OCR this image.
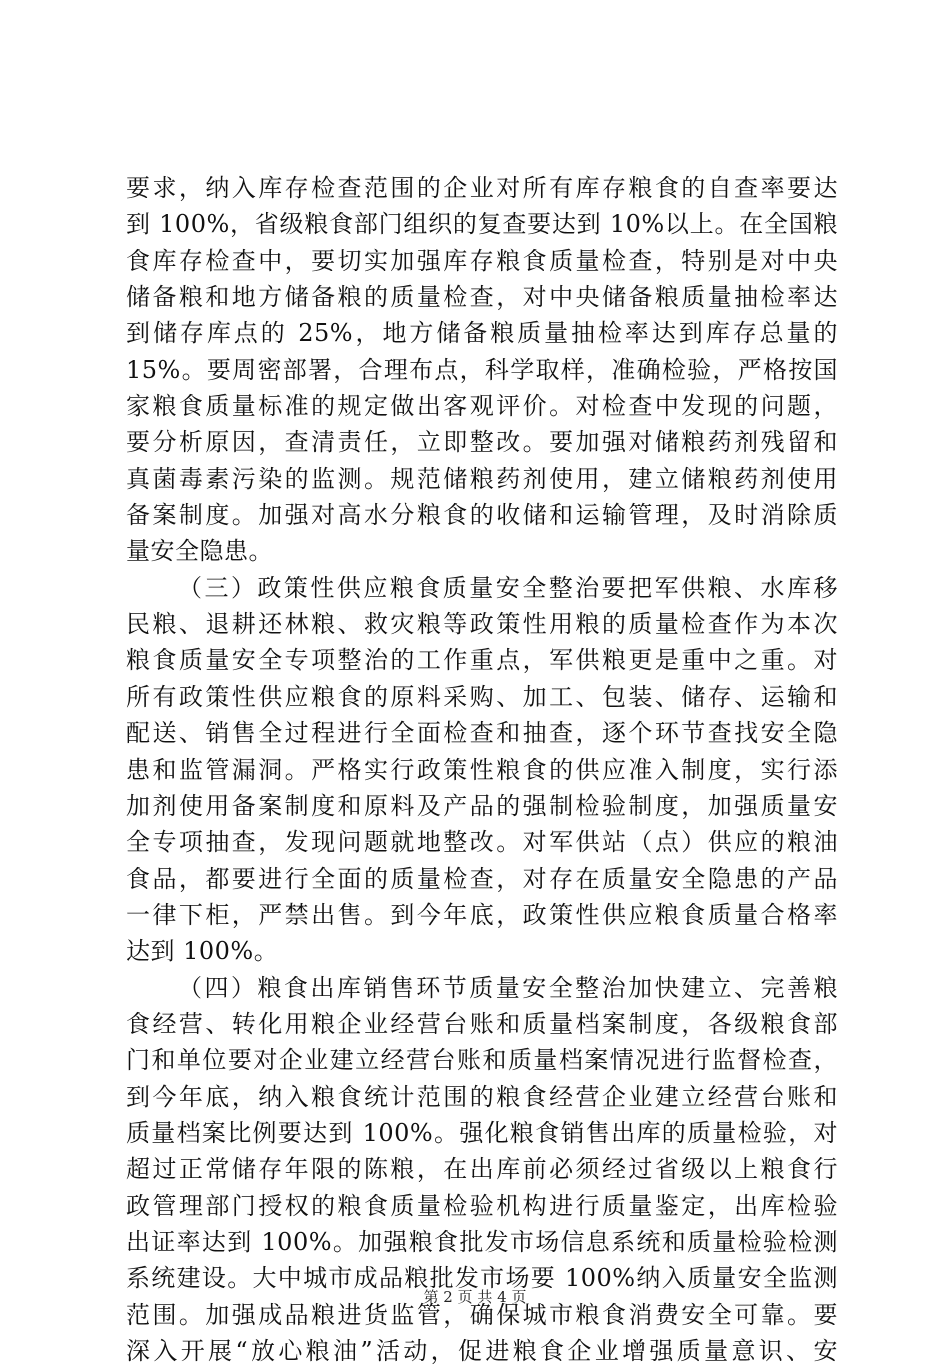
要求，纳入库存检查范围的企业对所有库存粮食的自查率要达
到 100%，省级粮食部门组织的复查要达到 10%以上。在全国粮
食库存检查中，要切实加强库存粮食质量检查，特别是对中央
储备粮和地方储备粮的质量检查，对中央储备粮质量抽检率达
到储存库点的 25%，地方储备粮质量抽检率达到库存总量的
15%。要周密部署，合理布点，科学取样，准确检验，严格按国
家粮食质量标准的规定做出客观评价。对检查中发现的问题，
要分析原因，查清责任，立即整改。要加强对储粮药剂残留和
真菌毒素污染的监测。规范储粮药剂使用，建立储粮药剂使用
备案制度。加强对高水分粮食的收储和运输管理，及时消除质
量安全隐患。
（三）政策性供应粮食质量安全整治要把军供粮、水库移
民粮、退耕还林粮、救灾粮等政策性用粮的质量检查作为本次
粮食质量安全专项整治的工作重点，军供粮更是重中之重。对
所有政策性供应粮食的原料采购、加工、包装、储存、运输和
配送、销售全过程进行全面检查和抽查，逐个环节查找安全隐
患和监管漏洞。严格实行政策性粮食的供应准入制度，实行添
加剂使用备案制度和原料及产品的强制检验制度，加强质量安
全专项抽查，发现问题就地整改。对军供站（点）供应的粮油
食品，都要进行全面的质量检查，对存在质量安全隐患的产品
一律下柜，严禁出售。到今年底，政策性供应粮食质量合格率
达到 100%。
（四）粮食出库销售环节质量安全整治加快建立、完善粮
食经营、转化用粮企业经营台账和质量档案制度，各级粮食部
门和单位要对企业建立经营台账和质量档案情况进行监督检查，
到今年底，纳入粮食统计范围的粮食经营企业建立经营台账和
质量档案比例要达到 100%。强化粮食销售出库的质量检验，对
超过正常储存年限的陈粮，在出库前必须经过省级以上粮食行
政管理部门授权的粮食质量检验机构进行质量鉴定，出库检验
出证率达到 100%。加强粮食批发市场信息系统和质量检验检测
系统建设。大中城市成品粮批发市场要 100%纳入质量安全监测
范围。加强成品粮进货监管，确保城市粮食消费安全可靠。要
深入开展“放心粮油”活动，促进粮食企业增强质量意识、安
第 2 页 共 4 页
